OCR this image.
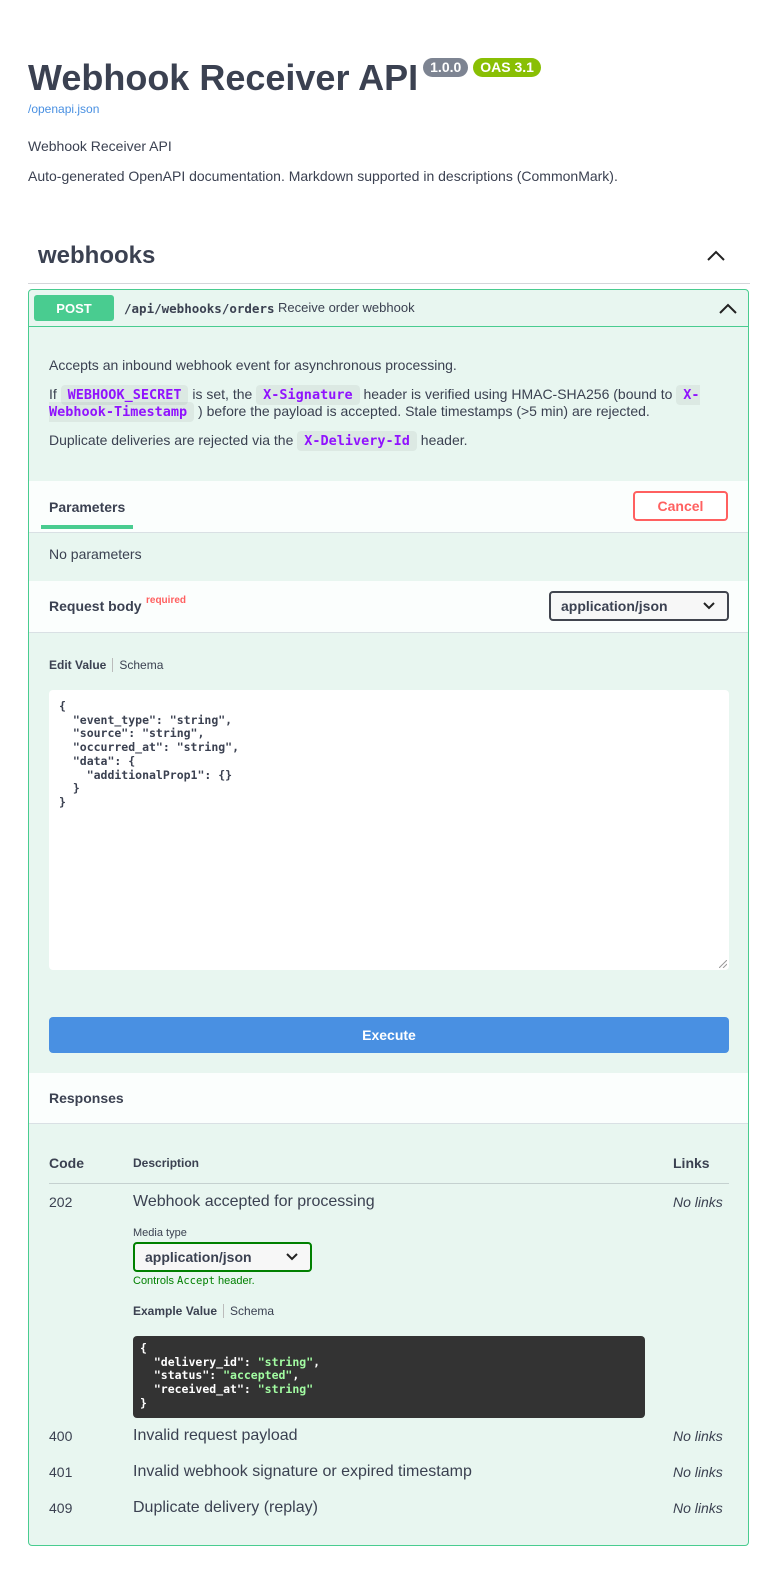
Webhook Receiver API 1.0.0	OAS 3.1
/openapi.json

Webhook Receiver API

Auto-generated OpenAPI documentation. Markdown supported in descriptions (CommonMark).

webhooks
POST	/api/webhooks/orders Receive order webhook

Accepts an inbound webhook event for asynchronous processing.

If WEBHOOK_SECRET is set, the X-Signature header is verified using HMAC-SHA256 (bound to X-Webhook-Timestamp ) before the payload is accepted. Stale timestamps (>5 min) are rejected.

Duplicate deliveries are rejected via the X-Delivery-Id header.

Parameters	Cancel

No parameters

Request body required	application/json
Edit Value Schema
{
"event_type": "string",
"source": "string",
"occurred_at": "string",
"data": {
"additionalProp1": {}
}
}
Execute
Responses
Code	Description	Links
202	Webhook accepted for processing	No links
Media type
application/json
Controls Accept header.
Example Value Schema
{
"delivery_id": "string",
"status": "accepted",
"received_at": "string"
}
400	Invalid request payload	No links
401	Invalid webhook signature or expired timestamp	No links
409	Duplicate delivery (replay)	No links
